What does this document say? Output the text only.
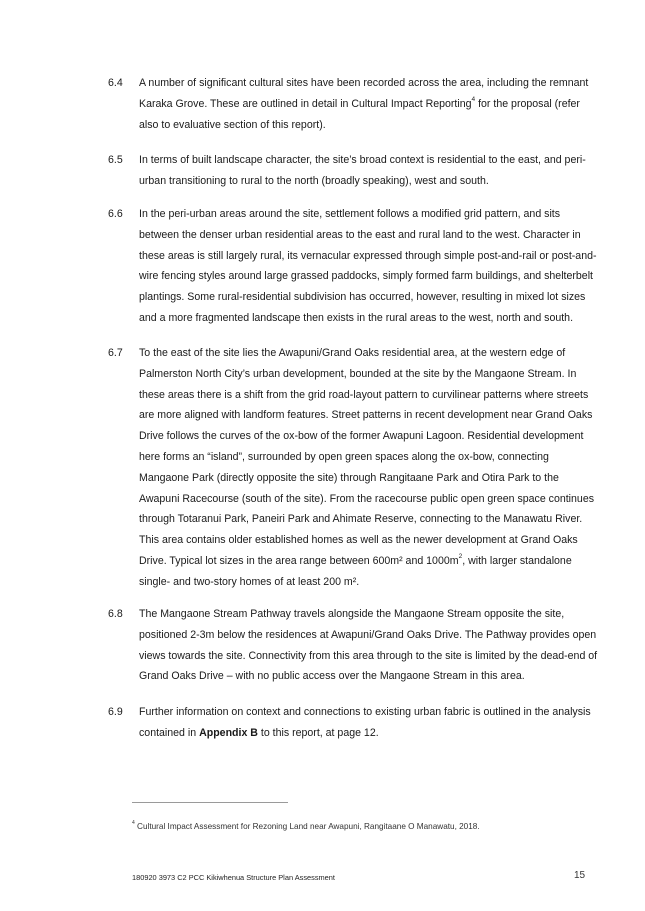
6.4	A number of significant cultural sites have been recorded across the area, including the remnant Karaka Grove. These are outlined in detail in Cultural Impact Reporting$^4$ for the proposal (refer also to evaluative section of this report).
6.5	In terms of built landscape character, the site’s broad context is residential to the east, and peri-urban transitioning to rural to the north (broadly speaking), west and south.
6.6	In the peri-urban areas around the site, settlement follows a modified grid pattern, and sits between the denser urban residential areas to the east and rural land to the west. Character in these areas is still largely rural, its vernacular expressed through simple post-and-rail or post-and-wire fencing styles around large grassed paddocks, simply formed farm buildings, and shelterbelt plantings. Some rural-residential subdivision has occurred, however, resulting in mixed lot sizes and a more fragmented landscape then exists in the rural areas to the west, north and south.
6.7	To the east of the site lies the Awapuni/Grand Oaks residential area, at the western edge of Palmerston North City’s urban development, bounded at the site by the Mangaone Stream. In these areas there is a shift from the grid road-layout pattern to curvilinear patterns where streets are more aligned with landform features. Street patterns in recent development near Grand Oaks Drive follows the curves of the ox-bow of the former Awapuni Lagoon. Residential development here forms an “island”, surrounded by open green spaces along the ox-bow, connecting Mangaone Park (directly opposite the site) through Rangitaane Park and Otira Park to the Awapuni Racecourse (south of the site). From the racecourse public open green space continues through Totaranui Park, Paneiri Park and Ahimate Reserve, connecting to the Manawatu River. This area contains older established homes as well as the newer development at Grand Oaks Drive. Typical lot sizes in the area range between 600m² and $1000m^2$, with larger standalone single- and two-story homes of at least 200 m².
6.8	The Mangaone Stream Pathway travels alongside the Mangaone Stream opposite the site, positioned 2-3m below the residences at Awapuni/Grand Oaks Drive. The Pathway provides open views towards the site. Connectivity from this area through to the site is limited by the dead-end of Grand Oaks Drive – with no public access over the Mangaone Stream in this area.
6.9	Further information on context and connections to existing urban fabric is outlined in the analysis contained in Appendix B to this report, at page 12.
$^4$ Cultural Impact Assessment for Rezoning Land near Awapuni, Rangitaane O Manawatu, 2018.
180920 3973 C2 PCC Kikiwhenua Structure Plan Assessment	15
